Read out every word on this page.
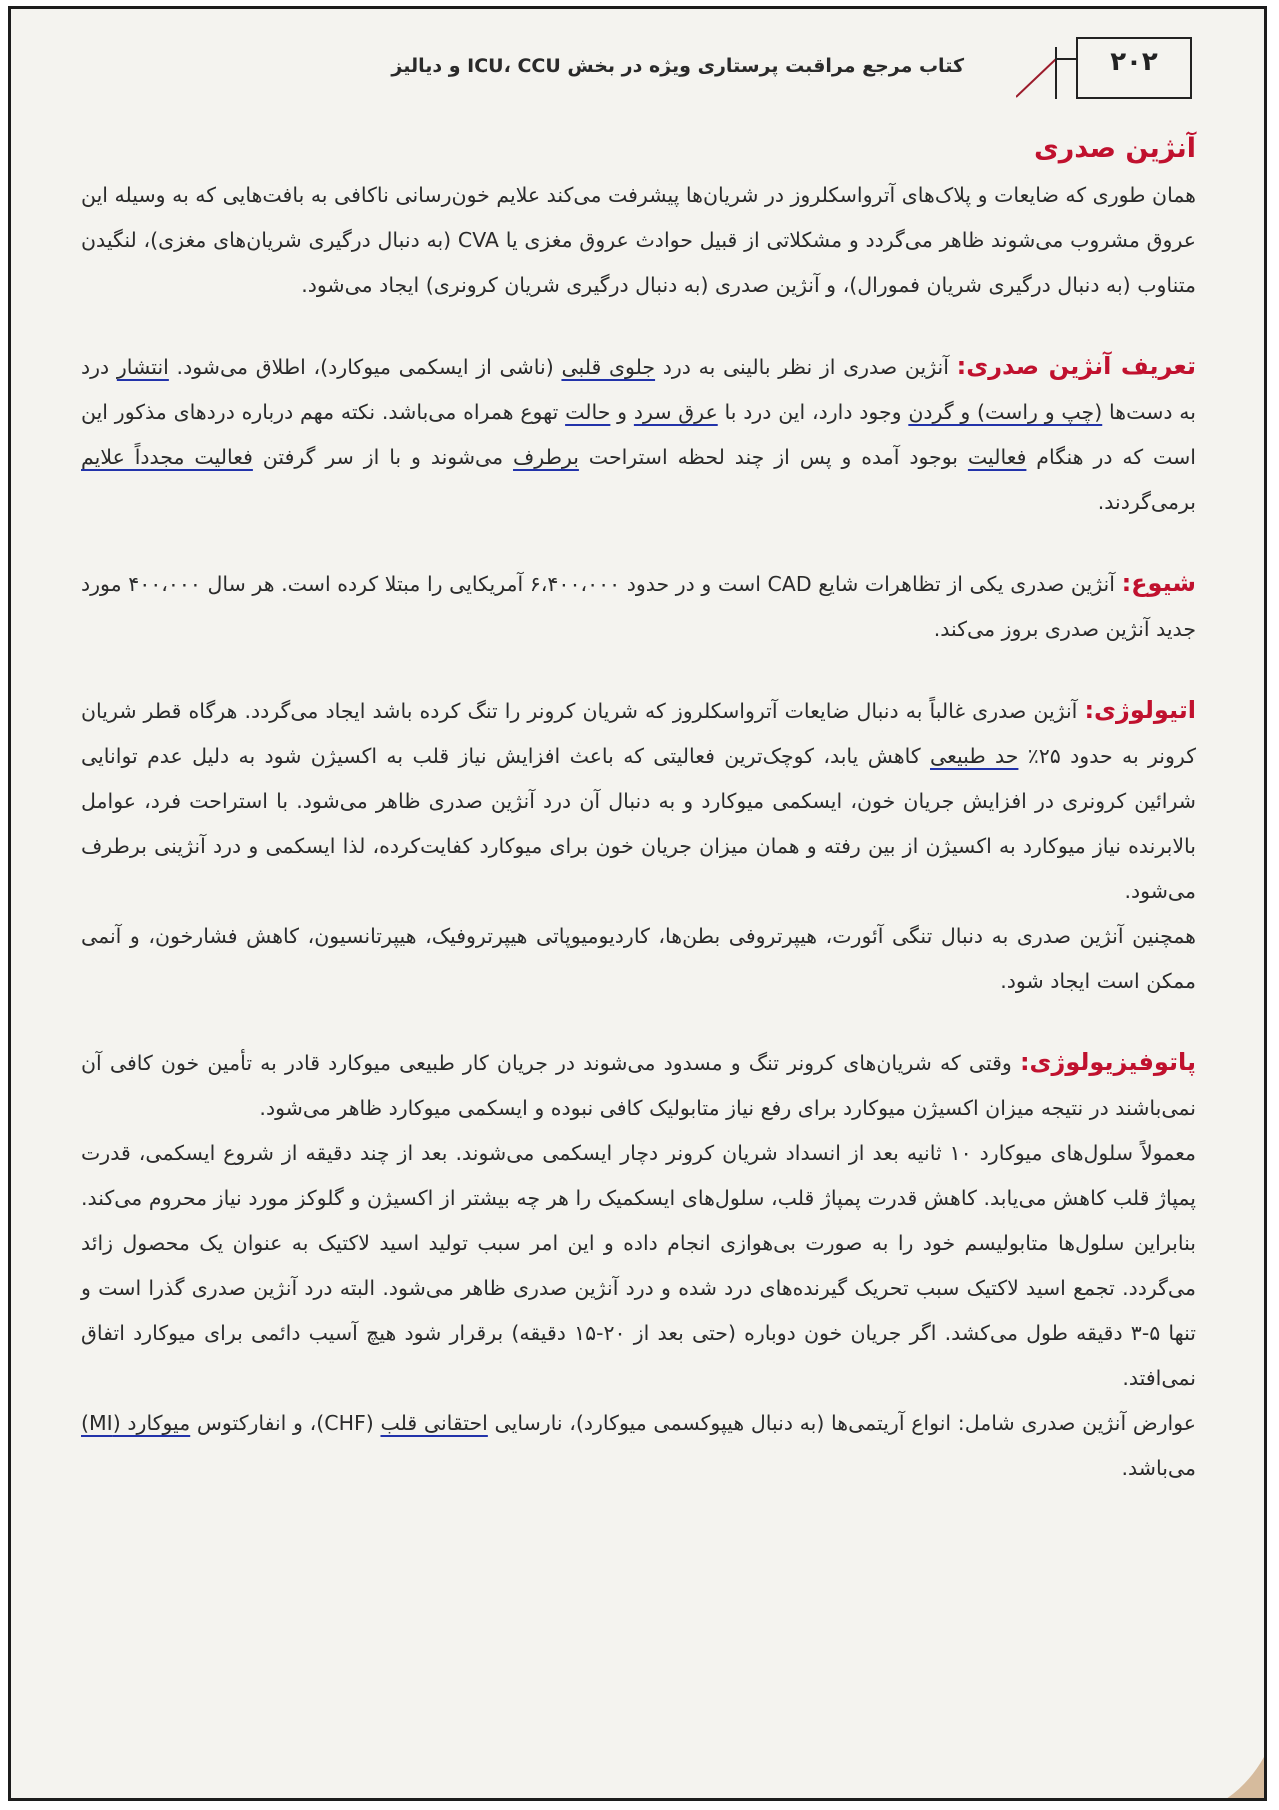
۲۰۲
کتاب مرجع مراقبت پرستاری ویژه در بخش ICU، CCU و دیالیز
آنژین صدری

همان طوری که ضایعات و پلاک‌های آترواسکلروز در شریان‌ها پیشرفت می‌کند علایم خون‌رسانی ناکافی به بافت‌هایی که به وسیله این عروق مشروب می‌شوند ظاهر می‌گردد و مشکلاتی از قبیل حوادث عروق مغزی یا CVA (به دنبال درگیری شریان‌های مغزی)، لنگیدن متناوب (به دنبال درگیری شریان فمورال)، و آنژین صدری (به دنبال درگیری شریان کرونری) ایجاد می‌شود.

تعریف آنژین صدری: آنژین صدری از نظر بالینی به درد جلوی قلبی (ناشی از ایسکمی میوکارد)، اطلاق می‌شود. انتشار درد به دست‌ها (چپ و راست) و گردن وجود دارد، این درد با عرق سرد و حالت تهوع همراه می‌باشد. نکته مهم درباره دردهای مذکور این است که در هنگام فعالیت بوجود آمده و پس از چند لحظه استراحت برطرف می‌شوند و با از سر گرفتن فعالیت مجدداً علایم برمی‌گردند.

شیوع: آنژین صدری یکی از تظاهرات شایع CAD است و در حدود ۶،۴۰۰،۰۰۰ آمریکایی را مبتلا کرده است. هر سال ۴۰۰،۰۰۰ مورد جدید آنژین صدری بروز می‌کند.

اتیولوژی: آنژین صدری غالباً به دنبال ضایعات آترواسکلروز که شریان کرونر را تنگ کرده باشد ایجاد می‌گردد. هرگاه قطر شریان کرونر به حدود ۲۵٪ حد طبیعی کاهش یابد، کوچک‌ترین فعالیتی که باعث افزایش نیاز قلب به اکسیژن شود به دلیل عدم توانایی شرائین کرونری در افزایش جریان خون، ایسکمی میوکارد و به دنبال آن درد آنژین صدری ظاهر می‌شود. با استراحت فرد، عوامل بالابرنده نیاز میوکارد به اکسیژن از بین رفته و همان میزان جریان خون برای میوکارد کفایت‌کرده، لذا ایسکمی و درد آنژینی برطرف می‌شود.

همچنین آنژین صدری به دنبال تنگی آئورت، هیپرتروفی بطن‌ها، کاردیومیوپاتی هیپرتروفیک، هیپرتانسیون، کاهش فشارخون، و آنمی ممکن است ایجاد شود.

پاتوفیزیولوژی: وقتی که شریان‌های کرونر تنگ و مسدود می‌شوند در جریان کار طبیعی میوکارد قادر به تأمین خون کافی آن نمی‌باشند در نتیجه میزان اکسیژن میوکارد برای رفع نیاز متابولیک کافی نبوده و ایسکمی میوکارد ظاهر می‌شود.

معمولاً سلول‌های میوکارد ۱۰ ثانیه بعد از انسداد شریان کرونر دچار ایسکمی می‌شوند. بعد از چند دقیقه از شروع ایسکمی، قدرت پمپاژ قلب کاهش می‌یابد. کاهش قدرت پمپاژ قلب، سلول‌های ایسکمیک را هر چه بیشتر از اکسیژن و گلوکز مورد نیاز محروم می‌کند. بنابراین سلول‌ها متابولیسم خود را به صورت بی‌هوازی انجام داده و این امر سبب تولید اسید لاکتیک به عنوان یک محصول زائد می‌گردد. تجمع اسید لاکتیک سبب تحریک گیرنده‌های درد شده و درد آنژین صدری ظاهر می‌شود. البته درد آنژین صدری گذرا است و تنها ۵-۳ دقیقه طول می‌کشد. اگر جریان خون دوباره (حتی بعد از ۲۰-۱۵ دقیقه) برقرار شود هیچ آسیب دائمی برای میوکارد اتفاق نمی‌افتد.

عوارض آنژین صدری شامل: انواع آریتمی‌ها (به دنبال هیپوکسمی میوکارد)، نارسایی احتقانی قلب (CHF)، و انفارکتوس میوکارد (MI) می‌باشد.
